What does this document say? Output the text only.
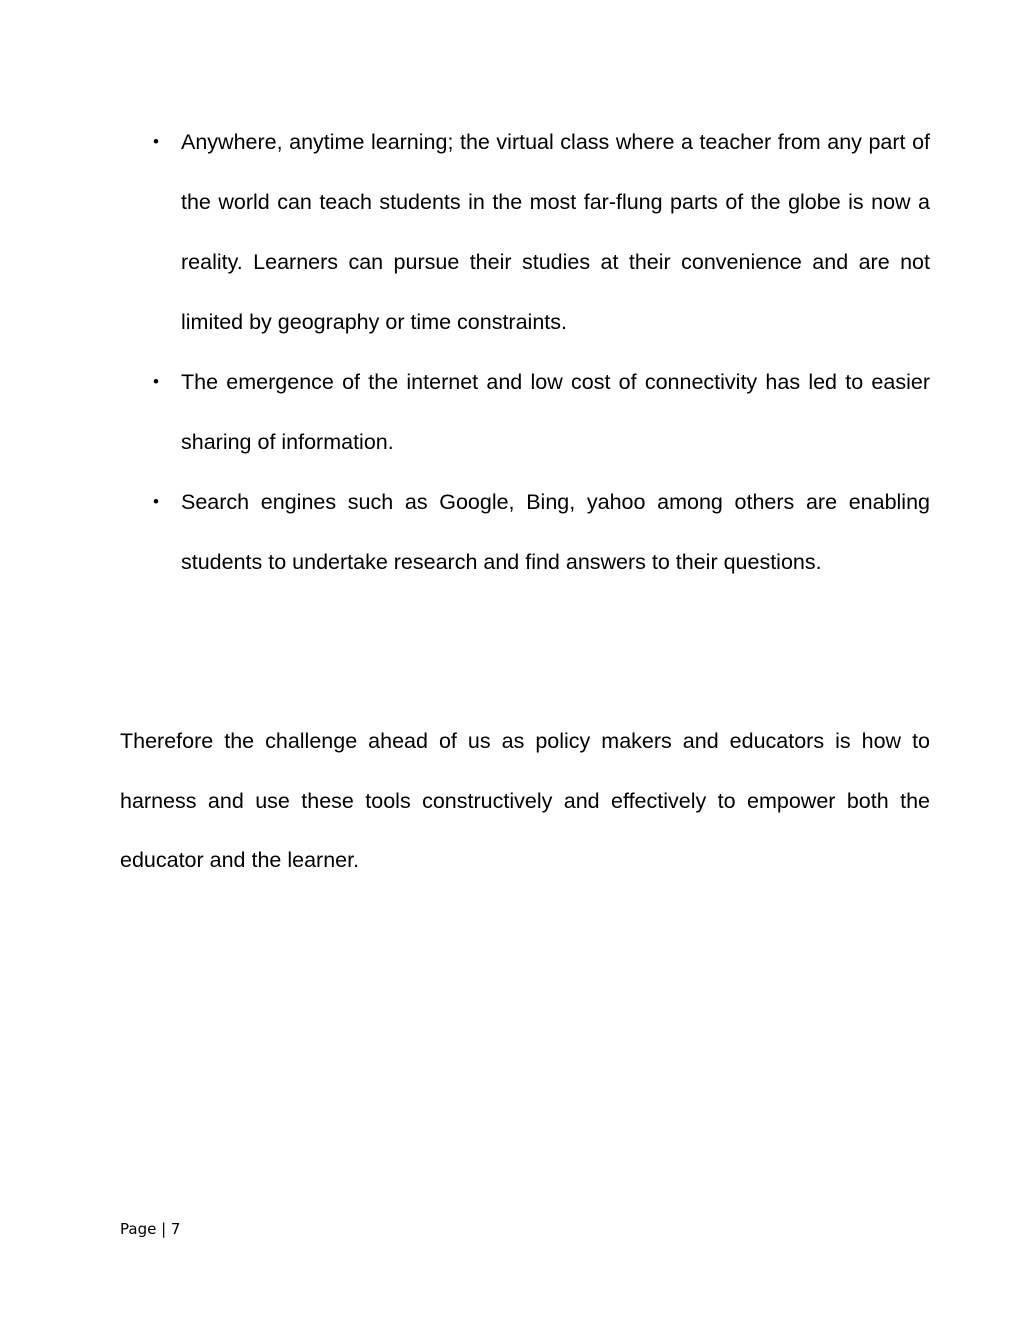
• Anywhere, anytime learning; the virtual class where a teacher from any part of the world can teach students in the most far-flung parts of the globe is now a reality. Learners can pursue their studies at their convenience and are not limited by geography or time constraints.
• The emergence of the internet and low cost of connectivity has led to easier sharing of information.
• Search engines such as Google, Bing, yahoo among others are enabling students to undertake research and find answers to their questions.

Therefore the challenge ahead of us as policy makers and educators is how to harness and use these tools constructively and effectively to empower both the educator and the learner.

Page | 7
